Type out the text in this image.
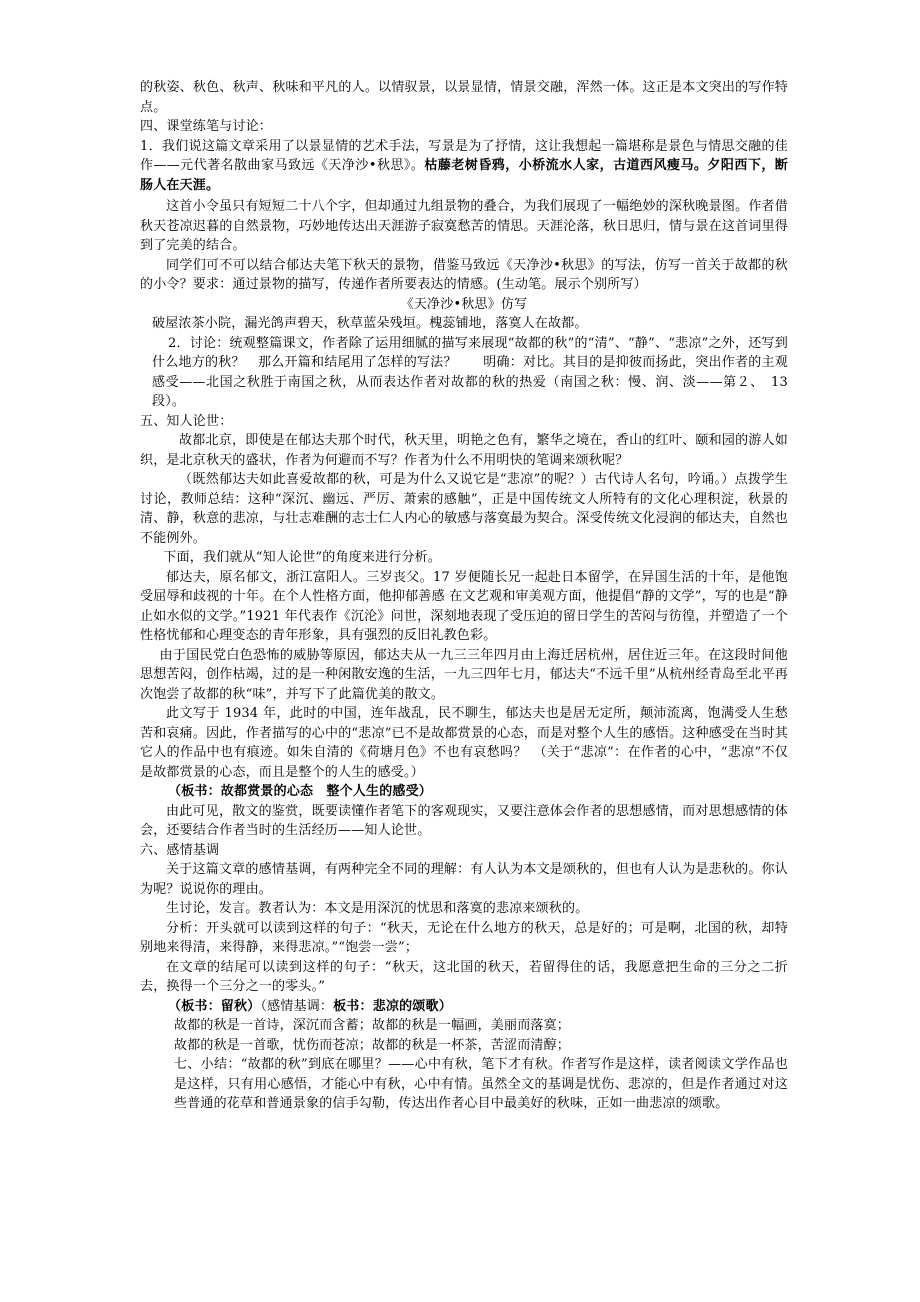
的秋姿、秋色、秋声、秋味和平凡的人。以情驭景，以景显情，情景交融，浑然一体。这正是本文突出的写作特点。

四、课堂练笔与讨论：

1．我们说这篇文章采用了以景显情的艺术手法，写景是为了抒情，这让我想起一篇堪称是景色与情思交融的佳作——元代著名散曲家马致远《天净沙•秋思》。枯藤老树昏鸦，小桥流水人家，古道西风瘦马。夕阳西下，断肠人在天涯。

这首小令虽只有短短二十八个字，但却通过九组景物的叠合，为我们展现了一幅绝妙的深秋晚景图。作者借秋天苍凉迟暮的自然景物，巧妙地传达出天涯游子寂寞愁苦的情思。天涯沦落，秋日思归，情与景在这首词里得到了完美的结合。

同学们可不可以结合郁达夫笔下秋天的景物，借鉴马致远《天净沙•秋思》的写法，仿写一首关于故都的秋的小令？要求：通过景物的描写，传递作者所要表达的情感。(生动笔。展示个别所写）

《天净沙•秋思》仿写

破屋浓茶小院，漏光鸽声碧天，秋草蓝朵残垣。槐蕊铺地，落寞人在故都。

2．讨论：统观整篇课文，作者除了运用细腻的描写来展现“故都的秋”的“清”、“静”、“悲凉”之外，还写到什么地方的秋？　那么开篇和结尾用了怎样的写法？　　明确：对比。其目的是抑彼而扬此，突出作者的主观感受——北国之秋胜于南国之秋，从而表达作者对故都的秋的热爱（南国之秋：慢、润、淡——第２、　13 段）。

五、知人论世：

故都北京，即使是在郁达夫那个时代，秋天里，明艳之色有，繁华之境在，香山的红叶、颐和园的游人如织，是北京秋天的盛状，作者为何避而不写？作者为什么不用明快的笔调来颂秋呢？

（既然郁达夫如此喜爱故都的秋，可是为什么又说它是“悲凉”的呢？）古代诗人名句，吟诵。）点拨学生讨论，教师总结：这种“深沉、幽远、严厉、萧索的感触”，正是中国传统文人所特有的文化心理积淀，秋景的清、静，秋意的悲凉，与壮志难酬的志士仁人内心的敏感与落寞最为契合。深受传统文化浸润的郁达夫，自然也不能例外。

下面，我们就从“知人论世”的角度来进行分析。

郁达夫，原名郁文，浙江富阳人。三岁丧父。17 岁便随长兄一起赴日本留学，在异国生活的十年，是他饱受屈辱和歧视的十年。在个人性格方面，他抑郁善感 在文艺观和审美观方面，他提倡“静的文学”，写的也是“静止如水似的文学。”1921 年代表作《沉沦》问世，深刻地表现了受压迫的留日学生的苦闷与彷徨，并塑造了一个性格忧郁和心理变态的青年形象，具有强烈的反旧礼教色彩。

由于国民党白色恐怖的威胁等原因，郁达夫从一九三三年四月由上海迁居杭州，居住近三年。在这段时间他思想苦闷，创作枯竭，过的是一种闲散安逸的生活，一九三四年七月，郁达夫“不远千里”从杭州经青岛至北平再次饱尝了故都的秋“味”，并写下了此篇优美的散文。

此文写于 1934 年，此时的中国，连年战乱，民不聊生，郁达夫也是居无定所，颠沛流离，饱满受人生愁苦和哀痛。因此，作者描写的心中的“悲凉”已不是故都赏景的心态，而是对整个人生的感悟。这种感受在当时其它人的作品中也有痕迹。如朱自清的《荷塘月色》不也有哀愁吗？　（关于“悲凉”：在作者的心中，“悲凉”不仅是故都赏景的心态，而且是整个的人生的感受。）

（板书：故都赏景的心态　整个人生的感受）

由此可见，散文的鉴赏，既要读懂作者笔下的客观现实，又要注意体会作者的思想感情，而对思想感情的体会，还要结合作者当时的生活经历——知人论世。

六、感情基调

关于这篇文章的感情基调，有两种完全不同的理解：有人认为本文是颂秋的，但也有人认为是悲秋的。你认为呢？说说你的理由。

生讨论，发言。教者认为：本文是用深沉的忧思和落寞的悲凉来颂秋的。

分析：开头就可以读到这样的句子：“秋天，无论在什么地方的秋天，总是好的；可是啊，北国的秋，却特别地来得清，来得静，来得悲凉。”“饱尝一尝”；

在文章的结尾可以读到这样的句子：“秋天，这北国的秋天，若留得住的话，我愿意把生命的三分之二折去，换得一个三分之一的零头。”

（板书：留秋）（感情基调：板书：悲凉的颂歌）

故都的秋是一首诗，深沉而含蓄；故都的秋是一幅画，美丽而落寞；

故都的秋是一首歌，忧伤而苍凉；故都的秋是一杯茶，苦涩而清醇；

七、小结：“故都的秋”到底在哪里？——心中有秋，笔下才有秋。作者写作是这样，读者阅读文学作品也是这样，只有用心感悟，才能心中有秋，心中有情。虽然全文的基调是忧伤、悲凉的，但是作者通过对这些普通的花草和普通景象的信手勾勒，传达出作者心目中最美好的秋味，正如一曲悲凉的颂歌。
